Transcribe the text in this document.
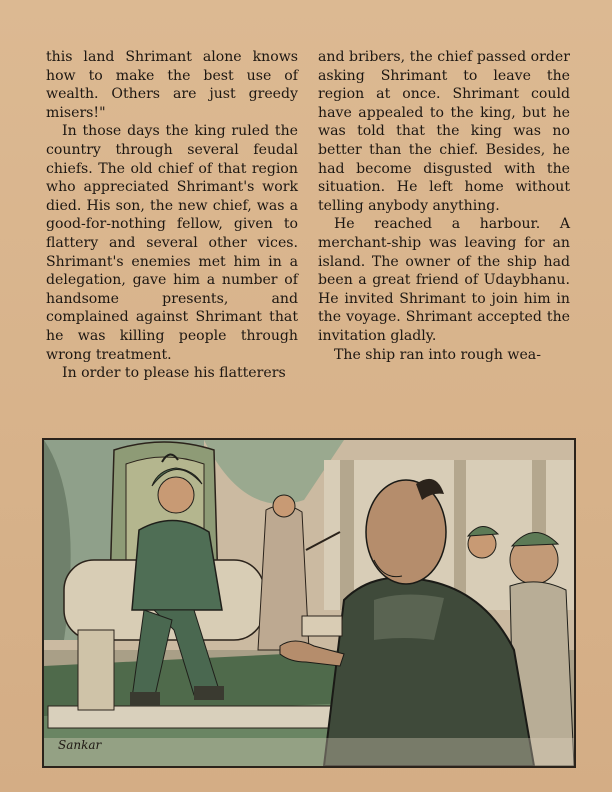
this land Shrimant alone knows how to make the best use of wealth. Others are just greedy misers!"

In those days the king ruled the country through several feudal chiefs. The old chief of that region who appreciated Shrimant's work died. His son, the new chief, was a good-for-nothing fellow, given to flattery and several other vices. Shrimant's enemies met him in a delegation, gave him a number of handsome presents, and complained against Shrimant that he was killing people through wrong treatment.

In order to please his flatterers

and bribers, the chief passed order asking Shrimant to leave the region at once. Shrimant could have appealed to the king, but he was told that the king was no better than the chief. Besides, he had become disgusted with the situation. He left home without telling anybody anything.

He reached a harbour. A merchant-ship was leaving for an island. The owner of the ship had been a great friend of Udaybhanu. He invited Shrimant to join him in the voyage. Shrimant accepted the invitation gladly.

The ship ran into rough wea-

Sankar
